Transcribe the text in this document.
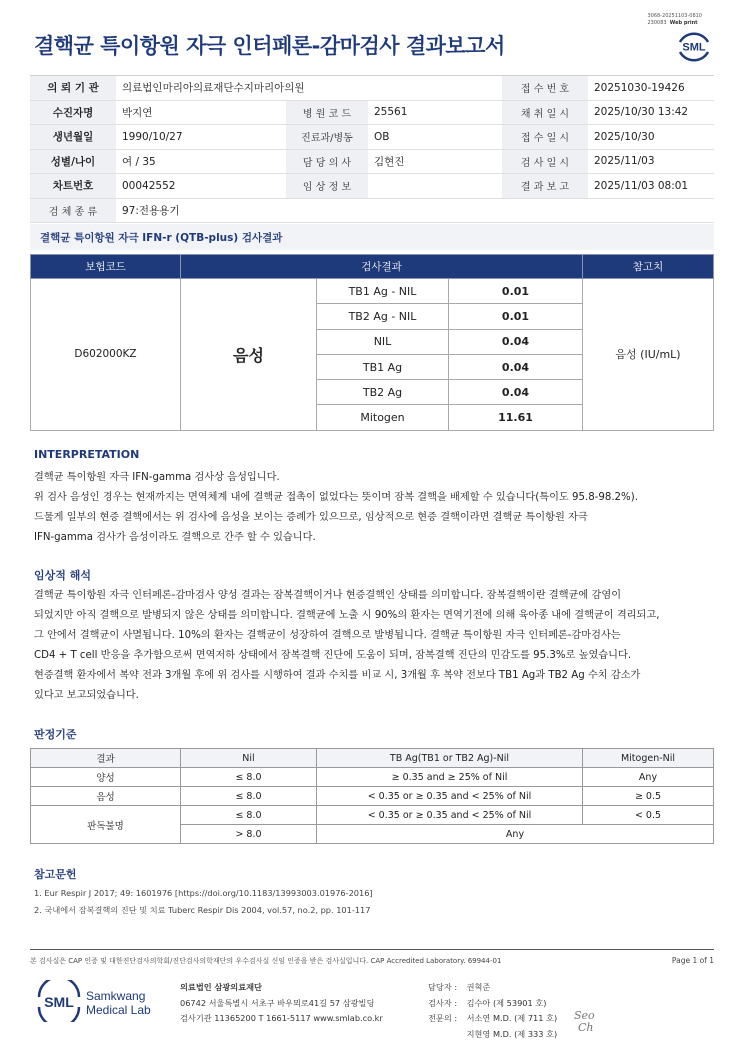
3068-20251103-0810
230083 Web print
결핵균 특이항원 자극 인터페론-감마검사 결과보고서	SML
의 뢰 기 관	의료법인마리아의료재단수지마리아의원			접 수 번 호	20251030-19426
수진자명	박지연	병 원 코 드	25561	채 취 일 시	2025/10/30 13:42
생년월일	1990/10/27	진료과/병동	OB	접 수 일 시	2025/10/30
성별/나이	여 / 35	담 당 의 사	김현진	검 사 일 시	2025/11/03
차트번호	00042552	임 상 정 보		결 과 보 고	2025/11/03 08:01
검 체 종 류	97:전용용기				
결핵균 특이항원 자극 IFN-r (QTB-plus) 검사결과
보험코드	검사결과			참고치
D602000KZ	음성	TB1 Ag - NIL	0.01	음성 (IU/mL)
		TB2 Ag - NIL	0.01	
		NIL	0.04	
		TB1 Ag	0.04	
		TB2 Ag	0.04	
		Mitogen	11.61	
INTERPRETATION
결핵균 특이항원 자극 IFN-gamma 검사상 음성입니다.
위 검사 음성인 경우는 현재까지는 면역체계 내에 결핵균 접촉이 없었다는 뜻이며 잠복 결핵을 배제할 수 있습니다(특이도 95.8-98.2%).
드물게 일부의 현증 결핵에서는 위 검사에 음성을 보이는 증례가 있으므로, 임상적으로 현증 결핵이라면 결핵균 특이항원 자극
IFN-gamma 검사가 음성이라도 결핵으로 간주 할 수 있습니다.
임상적 해석
결핵균 특이항원 자극 인터페론-감마검사 양성 결과는 잠복결핵이거나 현증결핵인 상태를 의미합니다. 잠복결핵이란 결핵균에 감염이
되었지만 아직 결핵으로 발병되지 않은 상태를 의미합니다. 결핵균에 노출 시 90%의 환자는 면역기전에 의해 육아종 내에 결핵균이 격리되고,
그 안에서 결핵균이 사멸됩니다. 10%의 환자는 결핵균이 성장하여 결핵으로 발병됩니다. 결핵균 특이항원 자극 인터페론-감마검사는
CD4 + T cell 반응을 추가함으로써 면역저하 상태에서 잠복결핵 진단에 도움이 되며, 잠복결핵 진단의 민감도를 95.3%로 높였습니다.
현증결핵 환자에서 복약 전과 3개월 후에 위 검사를 시행하여 결과 수치를 비교 시, 3개월 후 복약 전보다 TB1 Ag과 TB2 Ag 수치 감소가
있다고 보고되었습니다.
판정기준
결과	Nil	TB Ag(TB1 or TB2 Ag)-Nil	Mitogen-Nil
양성	≤ 8.0	≥ 0.35 and ≥ 25% of Nil	Any
음성	≤ 8.0	< 0.35 or ≥ 0.35 and < 25% of Nil	≥ 0.5
판독불명	≤ 8.0	< 0.35 or ≥ 0.35 and < 25% of Nil	< 0.5
	> 8.0	Any	
참고문헌
1. Eur Respir J 2017; 49: 1601976 [https://doi.org/10.1183/13993003.01976-2016]
2. 국내에서 잠복결핵의 진단 및 치료 Tuberc Respir Dis 2004, vol.57, no.2, pp. 101-117
본 검사실은 CAP 인증 및 대한진단검사의학회/진단검사의학재단의 우수검사실 신임 인증을 받은 검사실입니다. CAP Accredited Laboratory. 69944-01	Page 1 of 1
SML Samkwang
Medical Lab
의료법인 삼광의료재단
06742 서울특별시 서초구 바우뫼로41길 57 삼광빌딩
검사기관 11365200 T 1661-5117 www.smlab.co.kr
담당자 : 권혁준
검사자 : 김수아 (제 53901 호)
전문의 : 서소연 M.D. (제 711 호)
지현영 M.D. (제 333 호)
Seo
Ch
